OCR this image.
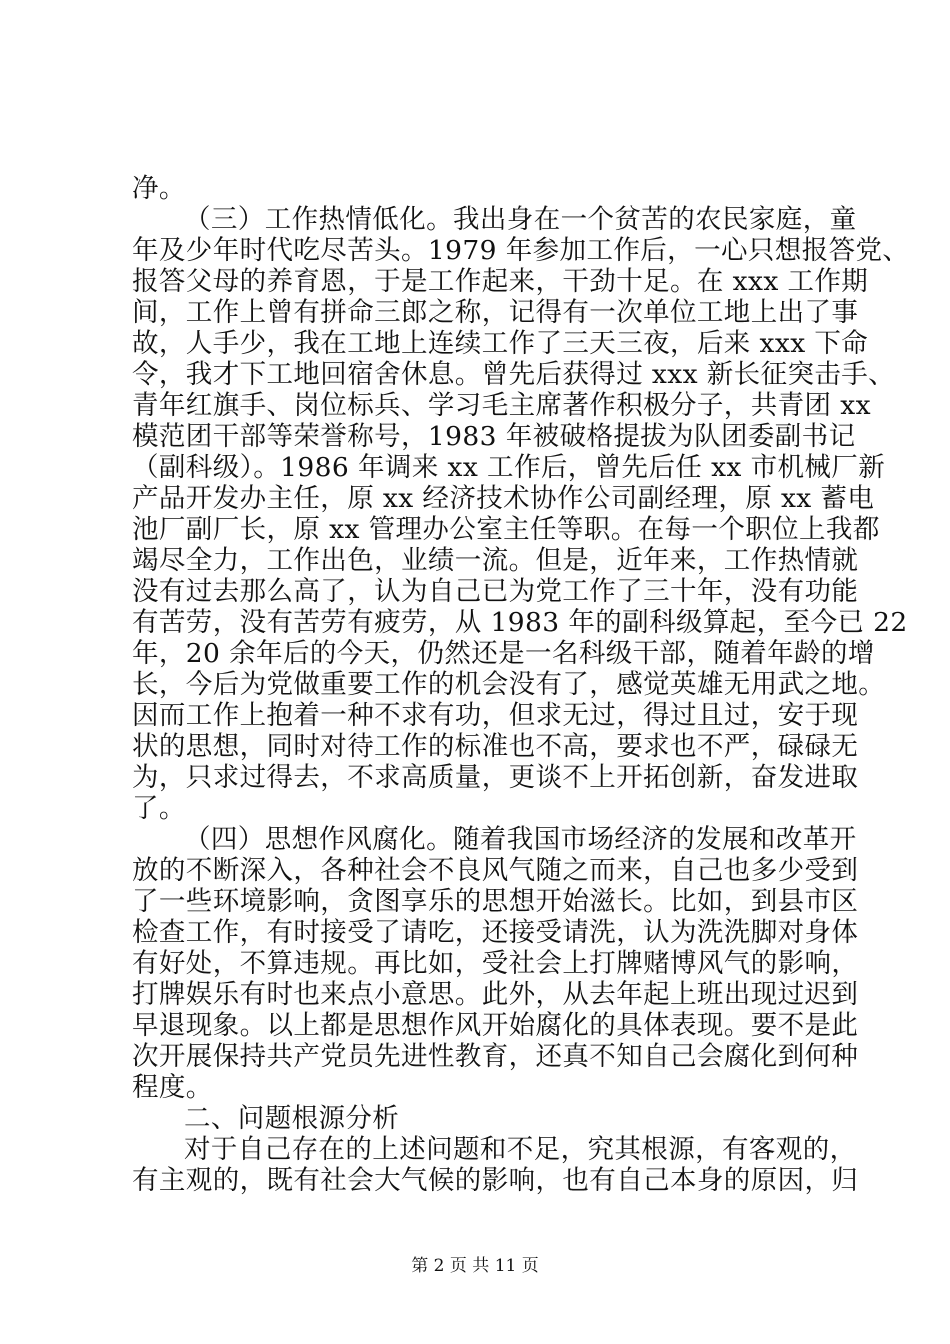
净。
（三）工作热情低化。我出身在一个贫苦的农民家庭，童
年及少年时代吃尽苦头。1979 年参加工作后，一心只想报答党、
报答父母的养育恩，于是工作起来，干劲十足。在 xxx 工作期
间，工作上曾有拼命三郎之称，记得有一次单位工地上出了事
故，人手少，我在工地上连续工作了三天三夜，后来 xxx 下命
令，我才下工地回宿舍休息。曾先后获得过 xxx 新长征突击手、
青年红旗手、岗位标兵、学习毛主席著作积极分子，共青团 xx
模范团干部等荣誉称号，1983 年被破格提拔为队团委副书记
（副科级）。1986 年调来 xx 工作后，曾先后任 xx 市机械厂新
产品开发办主任，原 xx 经济技术协作公司副经理，原 xx 蓄电
池厂副厂长，原 xx 管理办公室主任等职。在每一个职位上我都
竭尽全力，工作出色，业绩一流。但是，近年来，工作热情就
没有过去那么高了，认为自己已为党工作了三十年，没有功能
有苦劳，没有苦劳有疲劳，从 1983 年的副科级算起，至今已 22
年，20 余年后的今天，仍然还是一名科级干部，随着年龄的增
长，今后为党做重要工作的机会没有了，感觉英雄无用武之地。
因而工作上抱着一种不求有功，但求无过，得过且过，安于现
状的思想，同时对待工作的标准也不高，要求也不严，碌碌无
为，只求过得去，不求高质量，更谈不上开拓创新，奋发进取
了。
（四）思想作风腐化。随着我国市场经济的发展和改革开
放的不断深入，各种社会不良风气随之而来，自己也多少受到
了一些环境影响，贪图享乐的思想开始滋长。比如，到县市区
检查工作，有时接受了请吃，还接受请洗，认为洗洗脚对身体
有好处，不算违规。再比如，受社会上打牌赌博风气的影响，
打牌娱乐有时也来点小意思。此外，从去年起上班出现过迟到
早退现象。以上都是思想作风开始腐化的具体表现。要不是此
次开展保持共产党员先进性教育，还真不知自己会腐化到何种
程度。
二、问题根源分析
对于自己存在的上述问题和不足，究其根源，有客观的，
有主观的，既有社会大气候的影响，也有自己本身的原因，归
第 2 页 共 11 页
